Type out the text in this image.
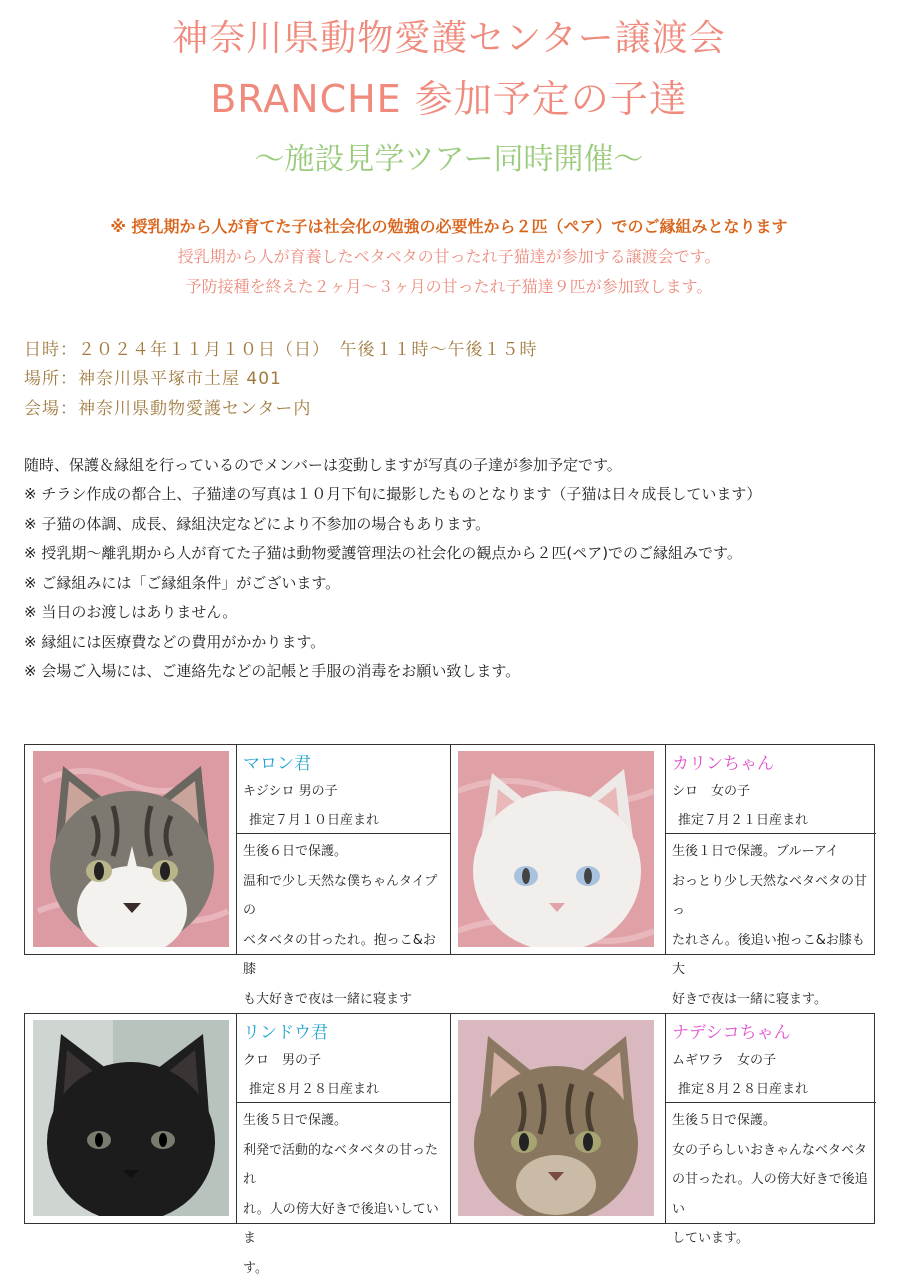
神奈川県動物愛護センター譲渡会
BRANCHE 参加予定の子達
～施設見学ツアー同時開催～
※ 授乳期から人が育てた子は社会化の勉強の必要性から２匹（ペア）でのご縁組みとなります
授乳期から人が育養したベタベタの甘ったれ子猫達が参加する譲渡会です。
予防接種を終えた２ヶ月～３ヶ月の甘ったれ子猫達９匹が参加致します。
日時：２０２４年１１月１０日（日）　午後１１時～午後１５時
場所：神奈川県平塚市土屋 401
会場：神奈川県動物愛護センター内
随時、保護＆縁組を行っているのでメンバーは変動しますが写真の子達が参加予定です。
※ チラシ作成の都合上、子猫達の写真は１０月下旬に撮影したものとなります（子猫は日々成長しています）
※ 子猫の体調、成長、縁組決定などにより不参加の場合もあります。
※ 授乳期～離乳期から人が育てた子猫は動物愛護管理法の社会化の観点から２匹(ペア)でのご縁組みです。
※ ご縁組みには「ご縁組条件」がございます。
※ 当日のお渡しはありません。
※ 縁組には医療費などの費用がかかります。
※ 会場ご入場には、ご連絡先などの記帳と手服の消毒をお願い致します。
マロン君
キジシロ 男の子
推定７月１０日産まれ
生後６日で保護。
温和で少し天然な僕ちゃんタイプの
ベタベタの甘ったれ。抱っこ&お膝
も大好きで夜は一緒に寝ます
カリンちゃん
シロ　女の子
推定７月２１日産まれ
生後１日で保護。ブルーアイ
おっとり少し天然なベタベタの甘っ
たれさん。後追い抱っこ&お膝も大
好きで夜は一緒に寝ます。
リンドウ君
クロ　男の子
推定８月２８日産まれ
生後５日で保護。
利発で活動的なベタベタの甘ったれ
れ。人の傍大好きで後追いしていま
す。
ナデシコちゃん
ムギワラ　女の子
推定８月２８日産まれ
生後５日で保護。
女の子らしいおきゃんなベタベタ
の甘ったれ。人の傍大好きで後追い
しています。
